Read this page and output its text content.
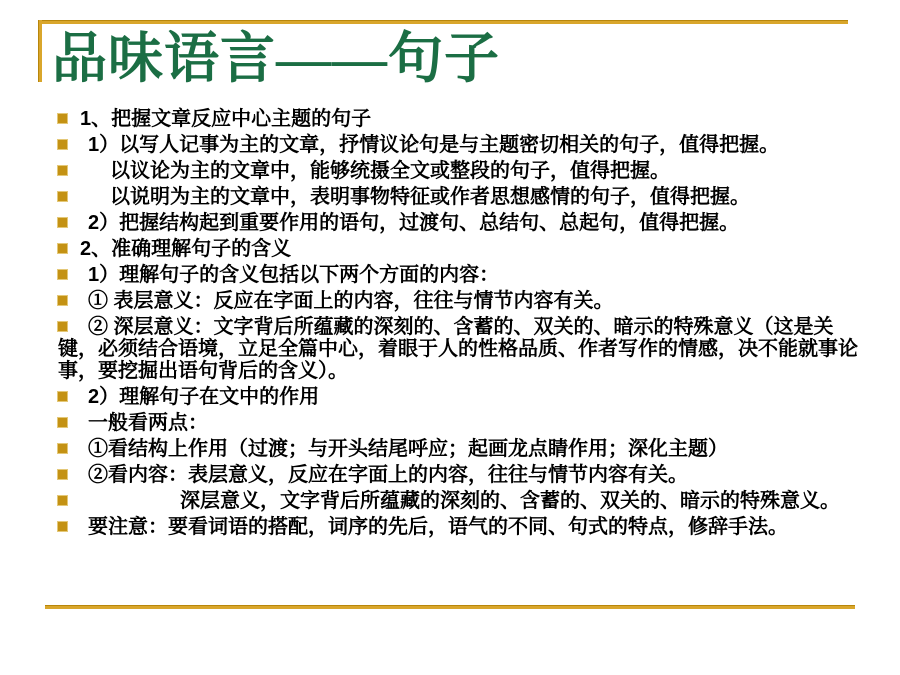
品味语言——句子
1、把握文章反应中心主题的句子
1）以写人记事为主的文章，抒情议论句是与主题密切相关的句子，值得把握。
以议论为主的文章中，能够统摄全文或整段的句子，值得把握。
以说明为主的文章中，表明事物特征或作者思想感情的句子，值得把握。
2）把握结构起到重要作用的语句，过渡句、总结句、总起句，值得把握。
2、准确理解句子的含义
1）理解句子的含义包括以下两个方面的内容：
① 表层意义：反应在字面上的内容，往往与情节内容有关。
② 深层意义：文字背后所蕴藏的深刻的、含蓄的、双关的、暗示的特殊意义（这是关键，必须结合语境，立足全篇中心，着眼于人的性格品质、作者写作的情感，决不能就事论事，要挖掘出语句背后的含义）。
2）理解句子在文中的作用
一般看两点：
①看结构上作用（过渡；与开头结尾呼应；起画龙点睛作用；深化主题）
②看内容：表层意义，反应在字面上的内容，往往与情节内容有关。
深层意义，文字背后所蕴藏的深刻的、含蓄的、双关的、暗示的特殊意义。
要注意：要看词语的搭配，词序的先后，语气的不同、句式的特点，修辞手法。
